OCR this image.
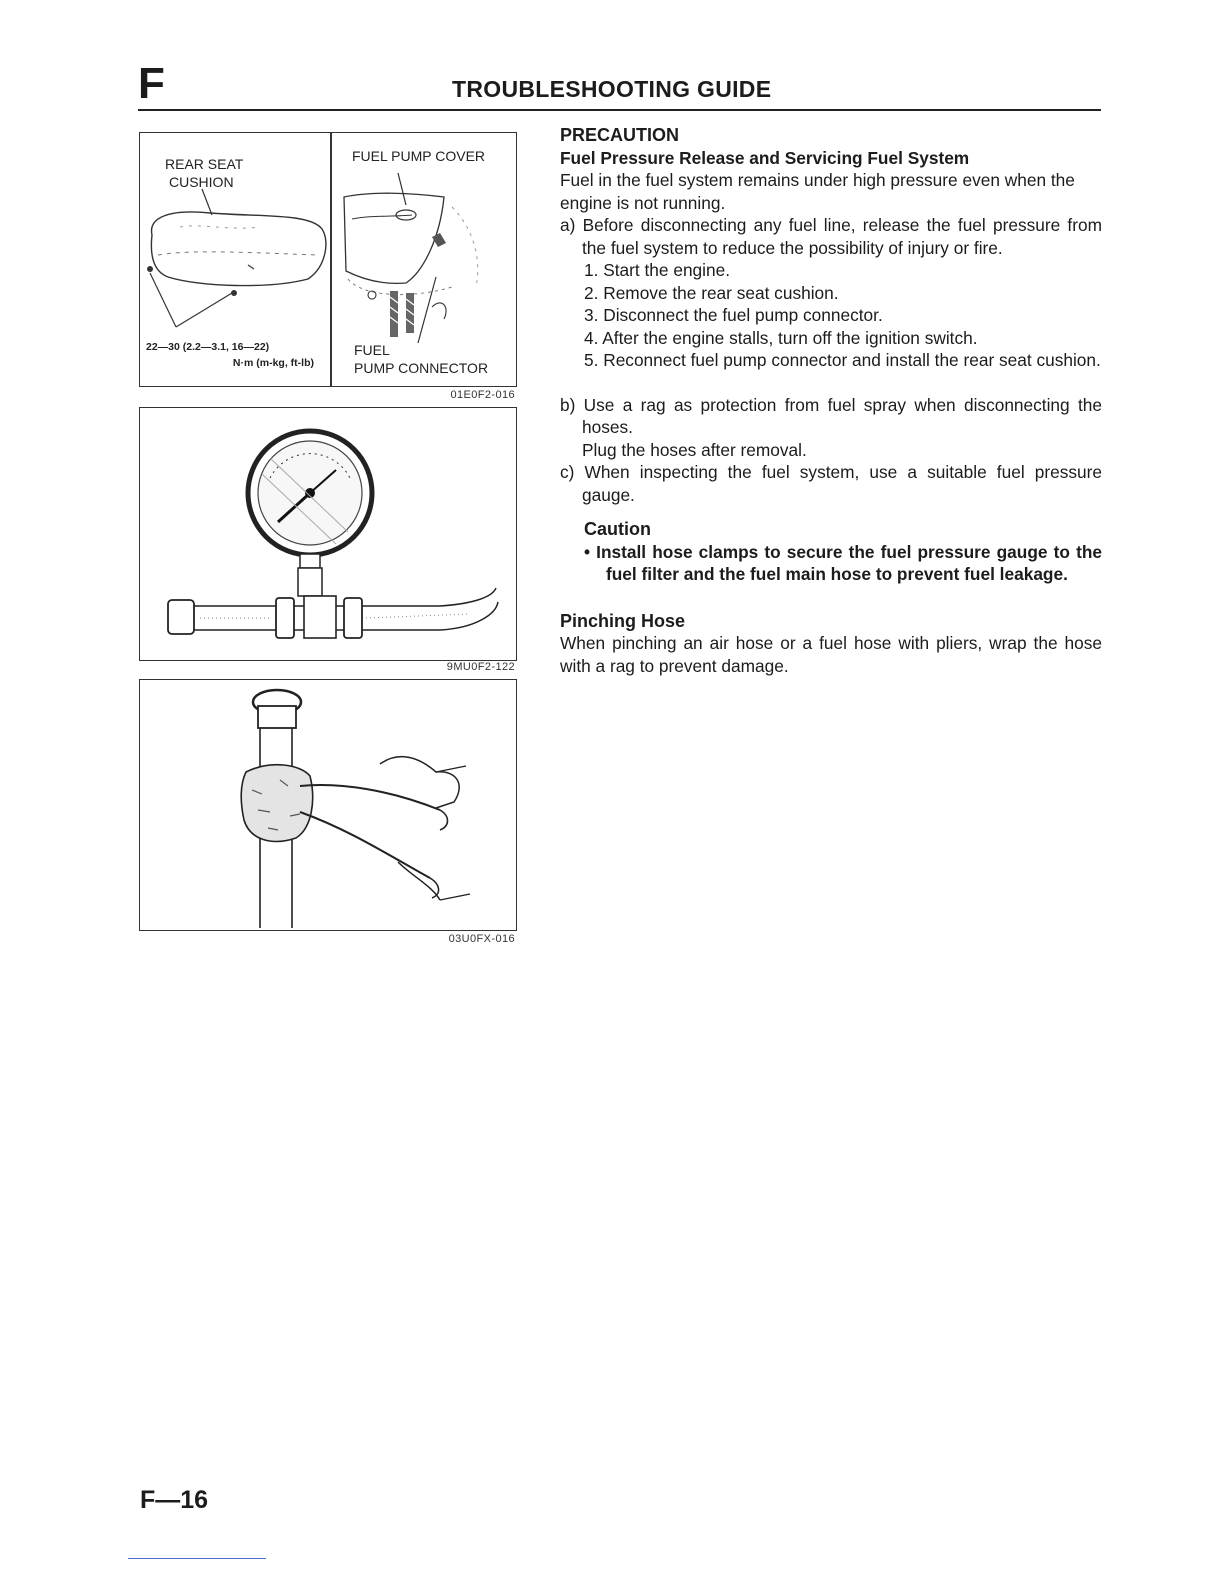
F	TROUBLESHOOTING GUIDE
REAR SEAT
CUSHION
22—30 (2.2—3.1, 16—22)
N·m (m-kg, ft-lb)
FUEL PUMP COVER
FUEL
PUMP CONNECTOR
01E0F2-016
9MU0F2-122
03U0FX-016

PRECAUTION

Fuel Pressure Release and Servicing Fuel System

Fuel in the fuel system remains under high pressure even when the engine is not running.

a) Before disconnecting any fuel line, release the fuel pressure from the fuel system to reduce the possibility of injury or fire.

1. Start the engine.
2. Remove the rear seat cushion.
3. Disconnect the fuel pump connector.
4. After the engine stalls, turn off the ignition switch.
5. Reconnect fuel pump connector and install the rear seat cushion.

b) Use a rag as protection from fuel spray when disconnecting the hoses.

Plug the hoses after removal.

c) When inspecting the fuel system, use a suitable fuel pressure gauge.

Caution

• Install hose clamps to secure the fuel pressure gauge to the fuel filter and the fuel main hose to prevent fuel leakage.

Pinching Hose

When pinching an air hose or a fuel hose with pliers, wrap the hose with a rag to prevent damage.

F—16
